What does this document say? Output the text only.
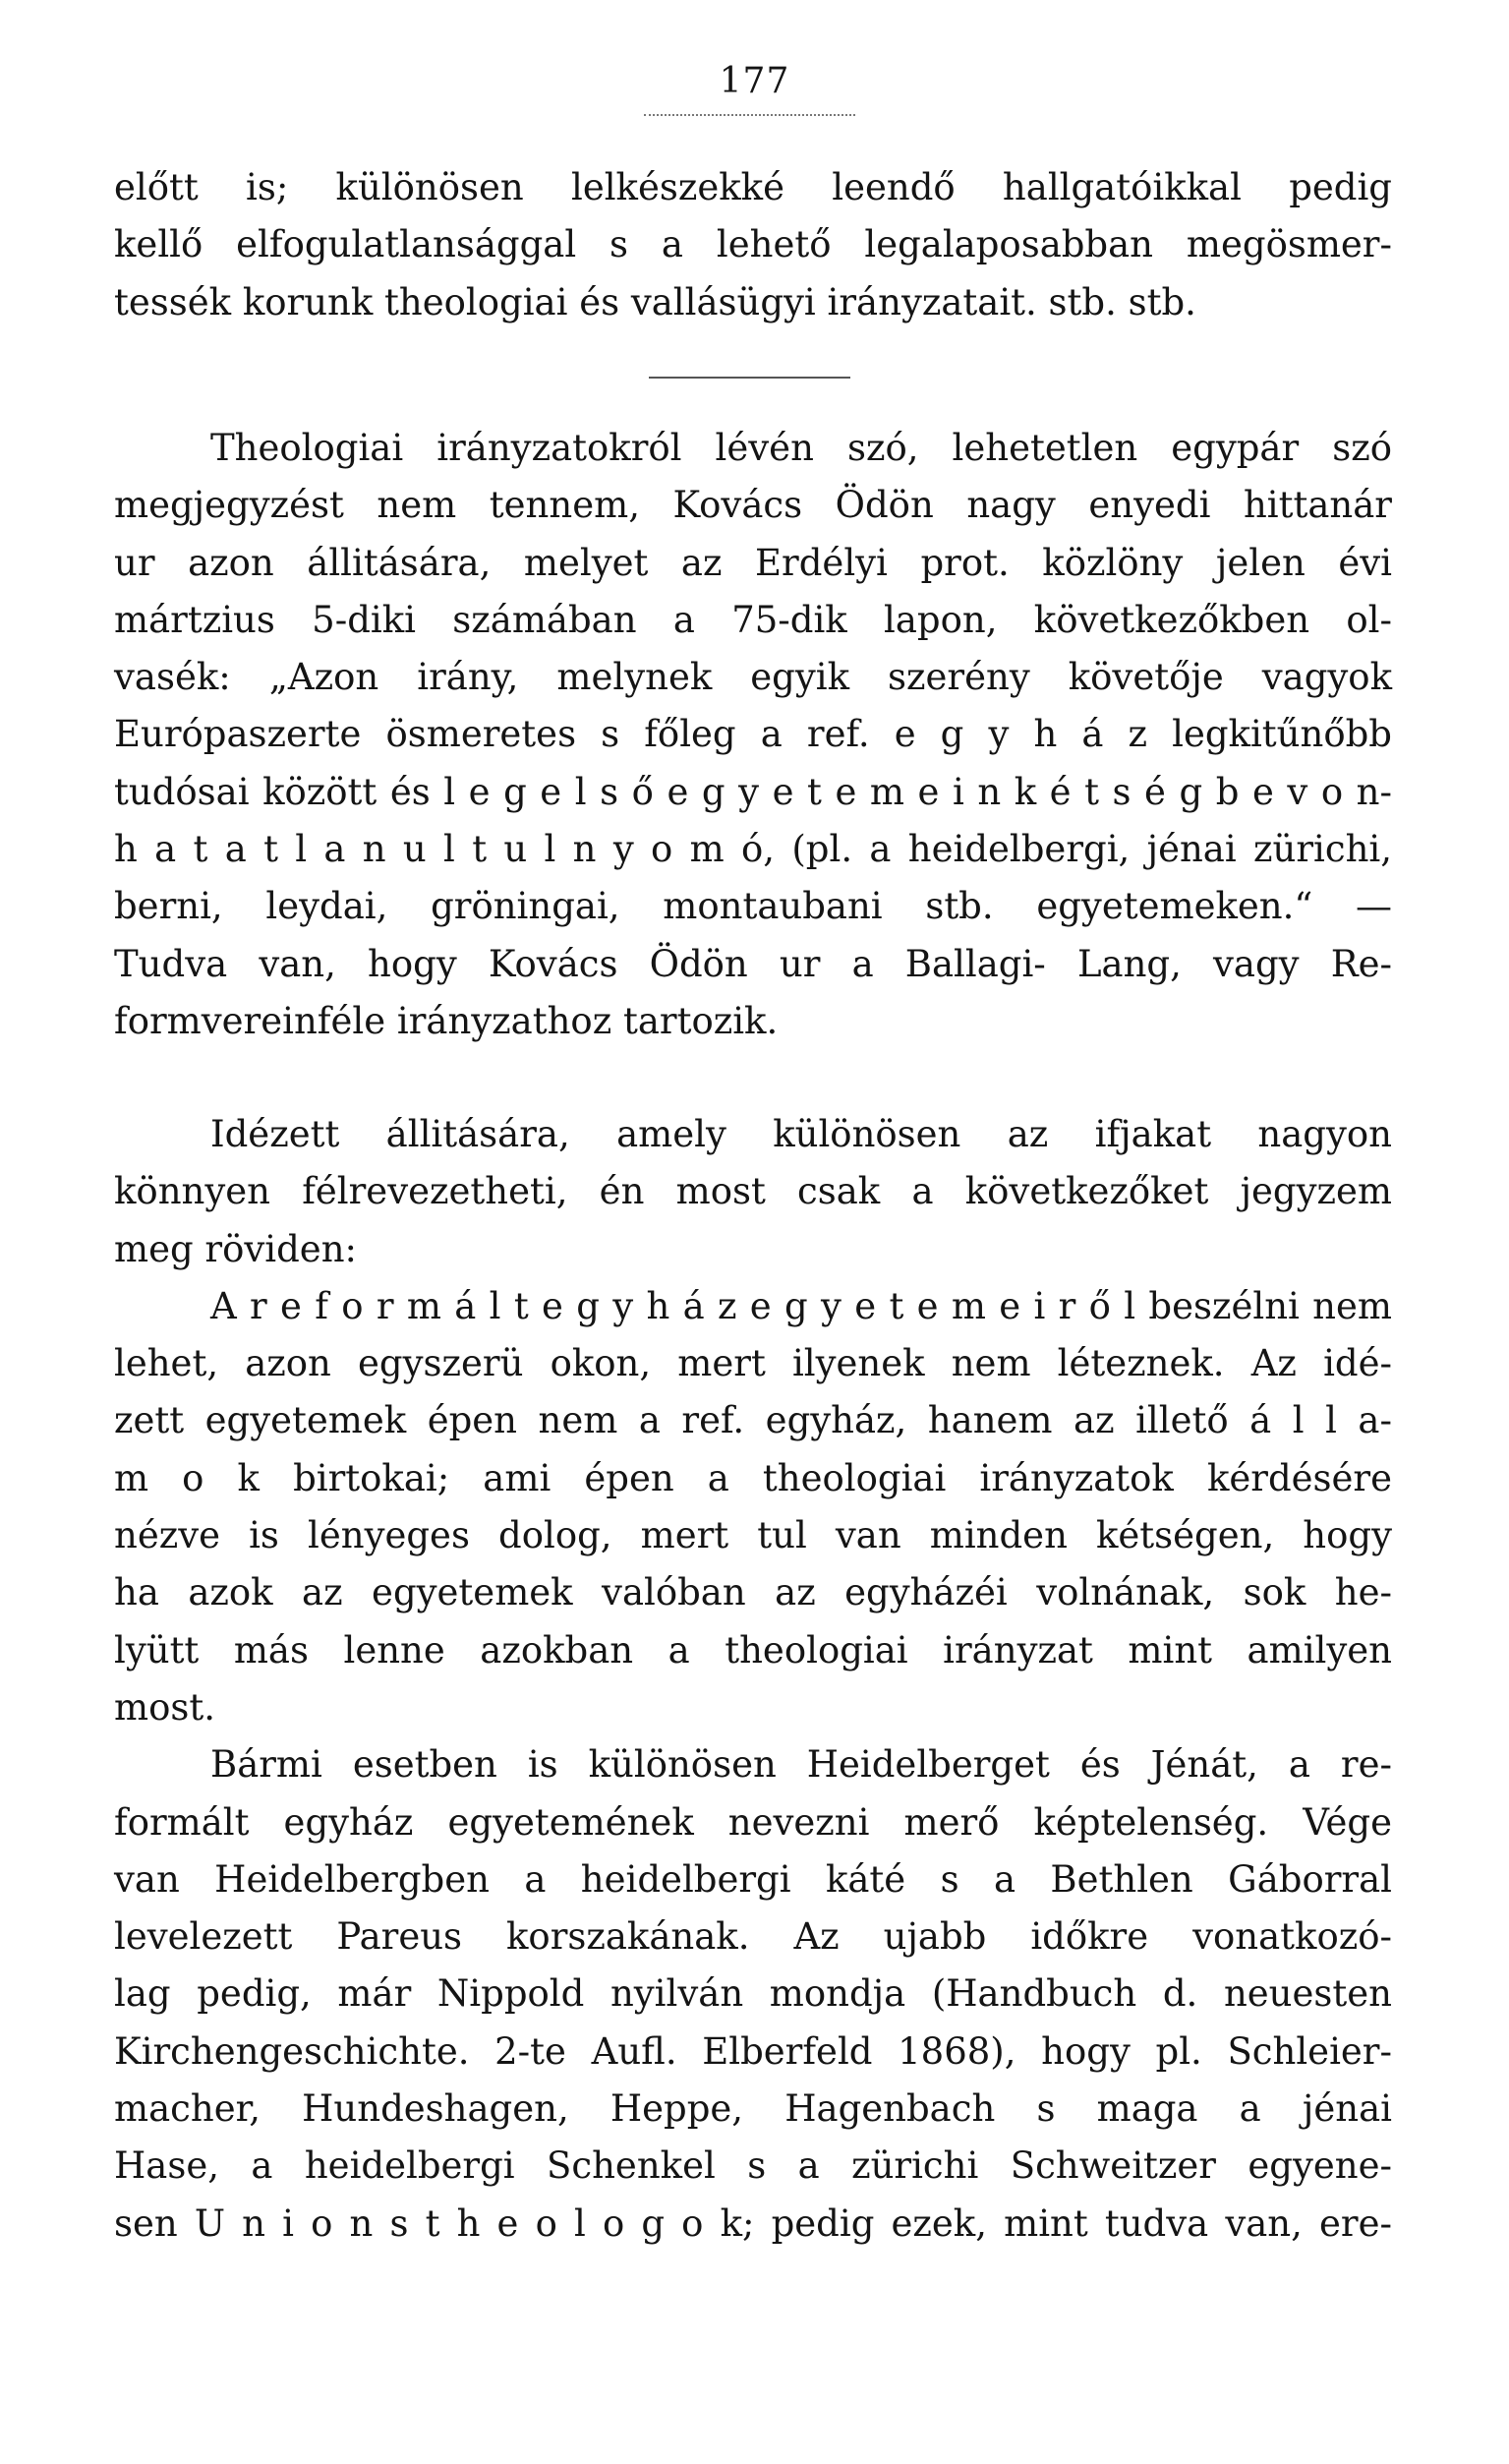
177
előtt is; különösen lelkészekké leendő hallgatóikkal pedig
kellő elfogulatlansággal s a lehető legalaposabban megösmer-
tessék korunk theologiai és vallásügyi irányzatait. stb. stb.
Theologiai irányzatokról lévén szó, lehetetlen egypár szó
megjegyzést nem tennem, Kovács Ödön nagy enyedi hittanár
ur azon állitására, melyet az Erdélyi prot. közlöny jelen évi
mártzius 5-diki számában a 75-dik lapon, következőkben ol-
vasék: „Azon irány, melynek egyik szerény követője vagyok
Európaszerte ösmeretes s főleg a ref. e g y h á z legkitűnőbb
tudósai között és l e g e l s ő e g y e t e m e i n k é t s é g b e v o n-
h a t a t l a n u l t u l n y o m ó, (pl. a heidelbergi, jénai zürichi,
berni, leydai, gröningai, montaubani stb. egyetemeken.“ —
Tudva van, hogy Kovács Ödön ur a Ballagi- Lang, vagy Re-
formvereinféle irányzathoz tartozik.
Idézett állitására, amely különösen az ifjakat nagyon
könnyen félrevezetheti, én most csak a következőket jegyzem
meg röviden:
A r e f o r m á l t e g y h á z e g y e t e m e i r ő l beszélni nem
lehet, azon egyszerü okon, mert ilyenek nem léteznek. Az idé-
zett egyetemek épen nem a ref. egyház, hanem az illető á l l a-
m o k birtokai; ami épen a theologiai irányzatok kérdésére
nézve is lényeges dolog, mert tul van minden kétségen, hogy
ha azok az egyetemek valóban az egyházéi volnának, sok he-
lyütt más lenne azokban a theologiai irányzat mint amilyen
most.
Bármi esetben is különösen Heidelberget és Jénát, a re-
formált egyház egyetemének nevezni merő képtelenség. Vége
van Heidelbergben a heidelbergi káté s a Bethlen Gáborral
levelezett Pareus korszakának. Az ujabb időkre vonatkozó-
lag pedig, már Nippold nyilván mondja (Handbuch d. neuesten
Kirchengeschichte. 2-te Aufl. Elberfeld 1868), hogy pl. Schleier-
macher, Hundeshagen, Heppe, Hagenbach s maga a jénai
Hase, a heidelbergi Schenkel s a zürichi Schweitzer egyene-
sen U n i o n s t h e o l o g o k; pedig ezek, mint tudva van, ere-
